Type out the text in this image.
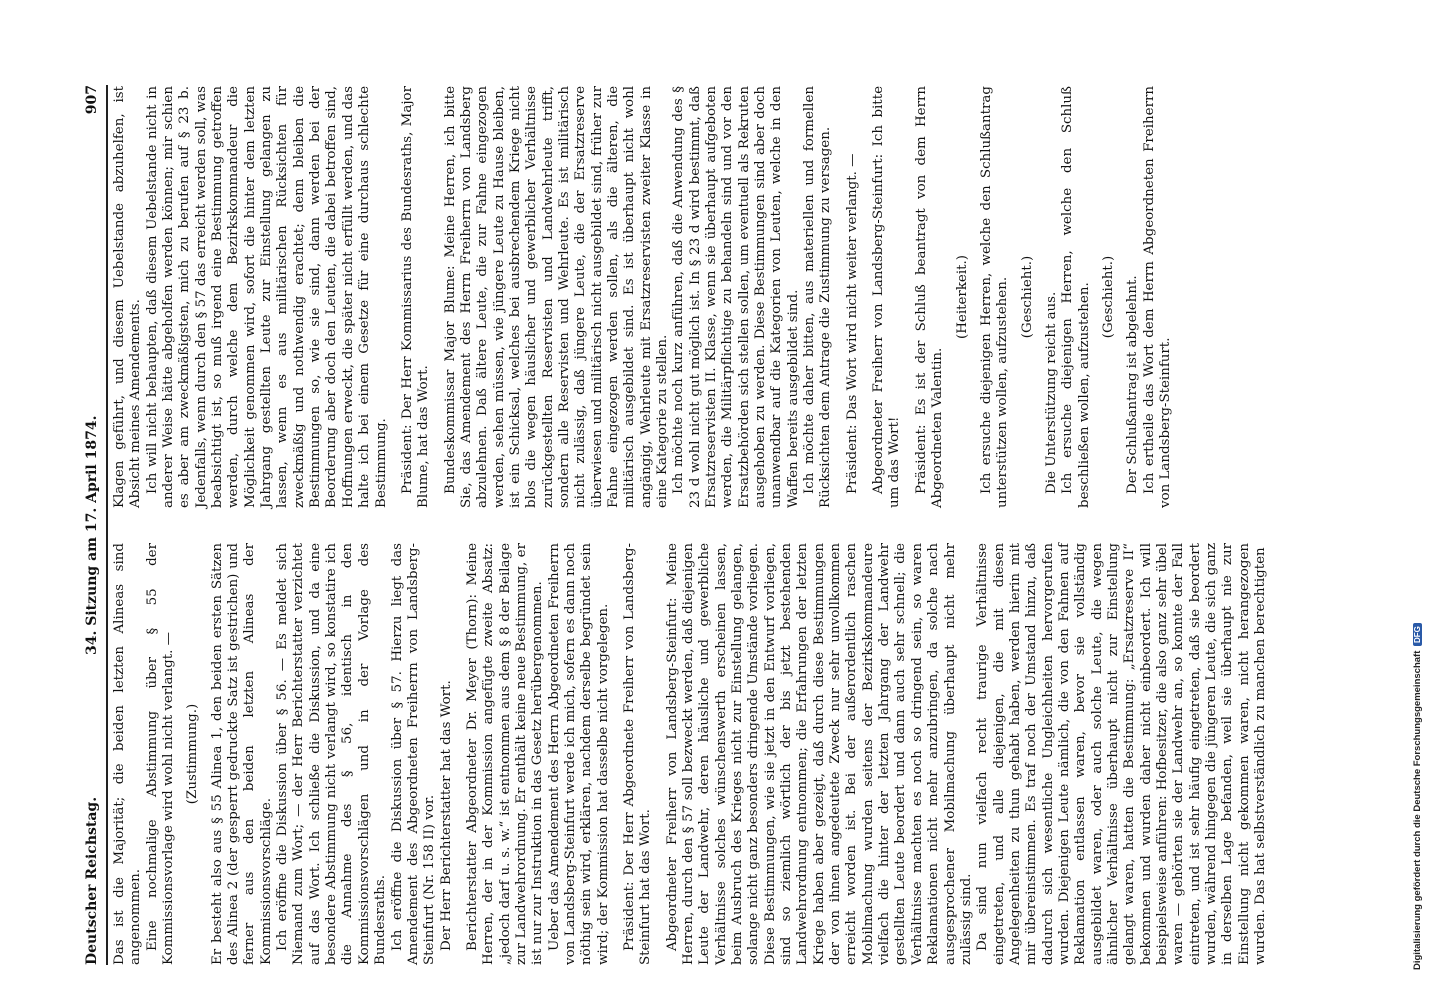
Deutscher Reichstag.
34. Sitzung am 17. April 1874.
907

Das ist die Majorität; die beiden letzten Alineas sind angenommen. Eine nochmalige Abstimmung über § 55 der Kommissionsvorlage wird wohl nicht verlangt. — (Zustimmung.) Er besteht also aus § 55 Alinea 1, den beiden ersten Sätzen des Alinea 2 (der gesperrt gedruckte Satz ist gestrichen) und ferner aus den beiden letzten Alineas der Kommissionsvorschläge. Ich eröffne die Diskussion über § 56. — Es meldet sich Niemand zum Wort; — der Herr Berichterstatter verzichtet auf das Wort. Ich schließe die Diskussion, und da eine besondere Abstimmung nicht verlangt wird, so konstatire ich die Annahme des § 56, identisch in den Kommissionsvorschlägen und in der Vorlage des Bundesraths. Ich eröffne die Diskussion über § 57. Hierzu liegt das Amendement des Abgeordneten Freiherrn von Landsberg-Steinfurt (Nr. 158 II) vor. Der Herr Berichterstatter hat das Wort. Berichterstatter Abgeordneter Dr. Meyer (Thorn): Meine Herren, der in der Kommission angefügte zweite Absatz: „jedoch darf u. s. w.“ ist entnommen aus dem § 8 der Beilage zur Landwehrordnung. Er enthält keine neue Bestimmung, er ist nur zur Instruktion in das Gesetz herübergenommen. Ueber das Amendement des Herrn Abgeordneten Freiherrn von Landsberg-Steinfurt werde ich mich, sofern es dann noch nöthig sein wird, erklären, nachdem derselbe begründet sein wird; der Kommission hat dasselbe nicht vorgelegen. Präsident: Der Herr Abgeordnete Freiherr von Landsberg-Steinfurt hat das Wort. Abgeordneter Freiherr von Landsberg-Steinfurt: Meine Herren, durch den § 57 soll bezweckt werden, daß diejenigen Leute der Landwehr, deren häusliche und gewerbliche Verhältnisse solches wünschenswerth erscheinen lassen, beim Ausbruch des Krieges nicht zur Einstellung gelangen, solange nicht ganz besonders dringende Umstände vorliegen. Diese Bestimmungen, wie sie jetzt in den Entwurf vorliegen, sind so ziemlich wörtlich der bis jetzt bestehenden Landwehrordnung entnommen; die Erfahrungen der letzten Kriege haben aber gezeigt, daß durch diese Bestimmungen der von ihnen angedeutete Zweck nur sehr unvollkommen erreicht worden ist. Bei der außerordentlich raschen Mobilmachung wurden seitens der Bezirkskommandeure vielfach die hinter der letzten Jahrgang der Landwehr gestellten Leute beordert und dann auch sehr schnell; die Verhältnisse machten es noch so dringend sein, so waren Reklamationen nicht mehr anzubringen, da solche nach ausgesprochener Mobilmachung überhaupt nicht mehr zulässig sind. Da sind nun vielfach recht traurige Verhältnisse eingetreten, und alle diejenigen, die mit diesen Angelegenheiten zu thun gehabt haben, werden hierin mit mir übereinstimmen. Es traf noch der Umstand hinzu, daß dadurch sich wesentliche Ungleichheiten hervorgerufen wurden. Diejenigen Leute nämlich, die von den Fahnen auf Reklamation entlassen waren, bevor sie vollständig ausgebildet waren, oder auch solche Leute, die wegen ähnlicher Verhältnisse überhaupt nicht zur Einstellung gelangt waren, hatten die Bestimmung: „Ersatzreserve II“ bekommen und wurden daher nicht einbeordert. Ich will beispielsweise anführen: Hofbesitzer, die also ganz sehr übel waren — gehörten sie der Landwehr an, so konnte der Fall eintreten, und ist sehr häufig eingetreten, daß sie beordert wurden, während hingegen die jüngeren Leute, die sich ganz in derselben Lage befanden, weil sie überhaupt nie zur Einstellung nicht gekommen waren, nicht herangezogen wurden. Das hat selbstverständlich zu manchen berechtigten

Klagen geführt, und diesem Uebelstande abzuhelfen, ist Absicht meines Amendements. Ich will nicht behaupten, daß diesem Uebelstande nicht in anderer Weise hätte abgeholfen werden können; mir schien es aber am zweckmäßigsten, mich zu berufen auf § 23 b. Jedenfalls, wenn durch den § 57 das erreicht werden soll, was beabsichtigt ist, so muß irgend eine Bestimmung getroffen werden, durch welche dem Bezirkskommandeur die Möglichkeit genommen wird, sofort die hinter dem letzten Jahrgang gestellten Leute zur Einstellung gelangen zu lassen, wenn es aus militärischen Rücksichten für zweckmäßig und nothwendig erachtet; denn bleiben die Bestimmungen so, wie sie sind, dann werden bei der Beorderung aber doch den Leuten, die dabei betroffen sind, Hoffnungen erweckt, die später nicht erfüllt werden, und das halte ich bei einem Gesetze für eine durchaus schlechte Bestimmung. Präsident: Der Herr Kommissarius des Bundesraths, Major Blume, hat das Wort. Bundeskommissar Major Blume: Meine Herren, ich bitte Sie, das Amendement des Herrn Freiherrn von Landsberg abzulehnen. Daß ältere Leute, die zur Fahne eingezogen werden, sehen müssen, wie jüngere Leute zu Hause bleiben, ist ein Schicksal, welches bei ausbrechendem Kriege nicht blos die wegen häuslicher und gewerblicher Verhältnisse zurückgestellten Reservisten und Landwehrleute trifft, sondern alle Reservisten und Wehrleute. Es ist militärisch nicht zulässig, daß jüngere Leute, die der Ersatzreserve überwiesen und militärisch nicht ausgebildet sind, früher zur Fahne eingezogen werden sollen, als die älteren, die militärisch ausgebildet sind. Es ist überhaupt nicht wohl angängig, Wehrleute mit Ersatzreservisten zweiter Klasse in eine Kategorie zu stellen. Ich möchte noch kurz anführen, daß die Anwendung des § 23 d wohl nicht gut möglich ist. In § 23 d wird bestimmt, daß Ersatzreservisten II. Klasse, wenn sie überhaupt aufgeboten werden, die Militärpflichtige zu behandeln sind und vor den Ersatzbehörden sich stellen sollen, um eventuell als Rekruten ausgehoben zu werden. Diese Bestimmungen sind aber doch unanwendbar auf die Kategorien von Leuten, welche in den Waffen bereits ausgebildet sind. Ich möchte daher bitten, aus materiellen und formellen Rücksichten dem Antrage die Zustimmung zu versagen. Präsident: Das Wort wird nicht weiter verlangt. — Abgeordneter Freiherr von Landsberg-Steinfurt: Ich bitte um das Wort! Präsident: Es ist der Schluß beantragt von dem Herrn Abgeordneten Valentin.

(Heiterkeit.) Ich ersuche diejenigen Herren, welche den Schlußantrag unterstützen wollen, aufzustehen. (Geschieht.) Die Unterstützung reicht aus. Ich ersuche diejenigen Herren, welche den Schluß beschließen wollen, aufzustehen. (Geschieht.) Der Schlußantrag ist abgelehnt. Ich ertheile das Wort dem Herrn Abgeordneten Freiherrn von Landsberg-Steinfurt.

Digitalisierung gefördert durch die Deutsche Forschungsgemeinschaft DFG
